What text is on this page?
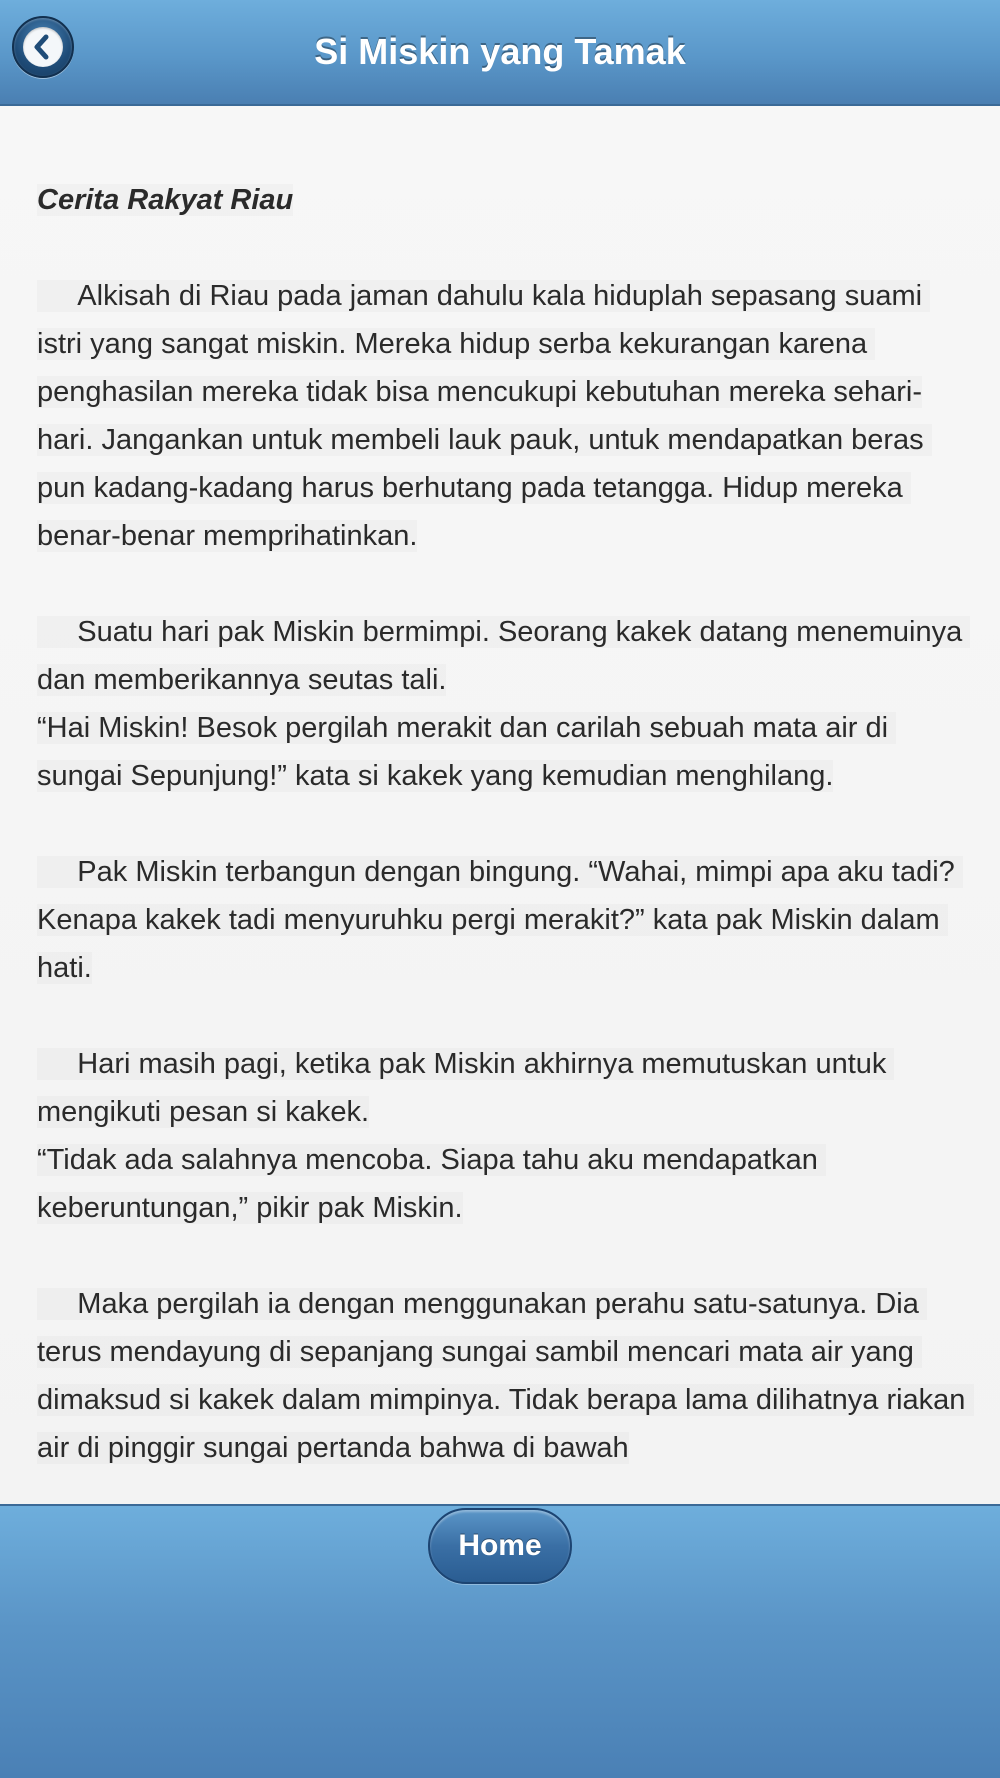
Si Miskin yang Tamak
Cerita Rakyat Riau
Alkisah di Riau pada jaman dahulu kala hiduplah sepasang suami istri yang sangat miskin. Mereka hidup serba kekurangan karena penghasilan mereka tidak bisa mencukupi kebutuhan mereka sehari-hari. Jangankan untuk membeli lauk pauk, untuk mendapatkan beras pun kadang-kadang harus berhutang pada tetangga. Hidup mereka benar-benar memprihatinkan.
Suatu hari pak Miskin bermimpi. Seorang kakek datang menemuinya dan memberikannya seutas tali.
“Hai Miskin! Besok pergilah merakit dan carilah sebuah mata air di sungai Sepunjung!” kata si kakek yang kemudian menghilang.
Pak Miskin terbangun dengan bingung. “Wahai, mimpi apa aku tadi? Kenapa kakek tadi menyuruhku pergi merakit?” kata pak Miskin dalam hati.
Hari masih pagi, ketika pak Miskin akhirnya memutuskan untuk mengikuti pesan si kakek.
“Tidak ada salahnya mencoba. Siapa tahu aku mendapatkan keberuntungan,” pikir pak Miskin.
Maka pergilah ia dengan menggunakan perahu satu-satunya. Dia terus mendayung di sepanjang sungai sambil mencari mata air yang dimaksud si kakek dalam mimpinya. Tidak berapa lama dilihatnya riakan air di pinggir sungai pertanda bahwa di bawah
Home
